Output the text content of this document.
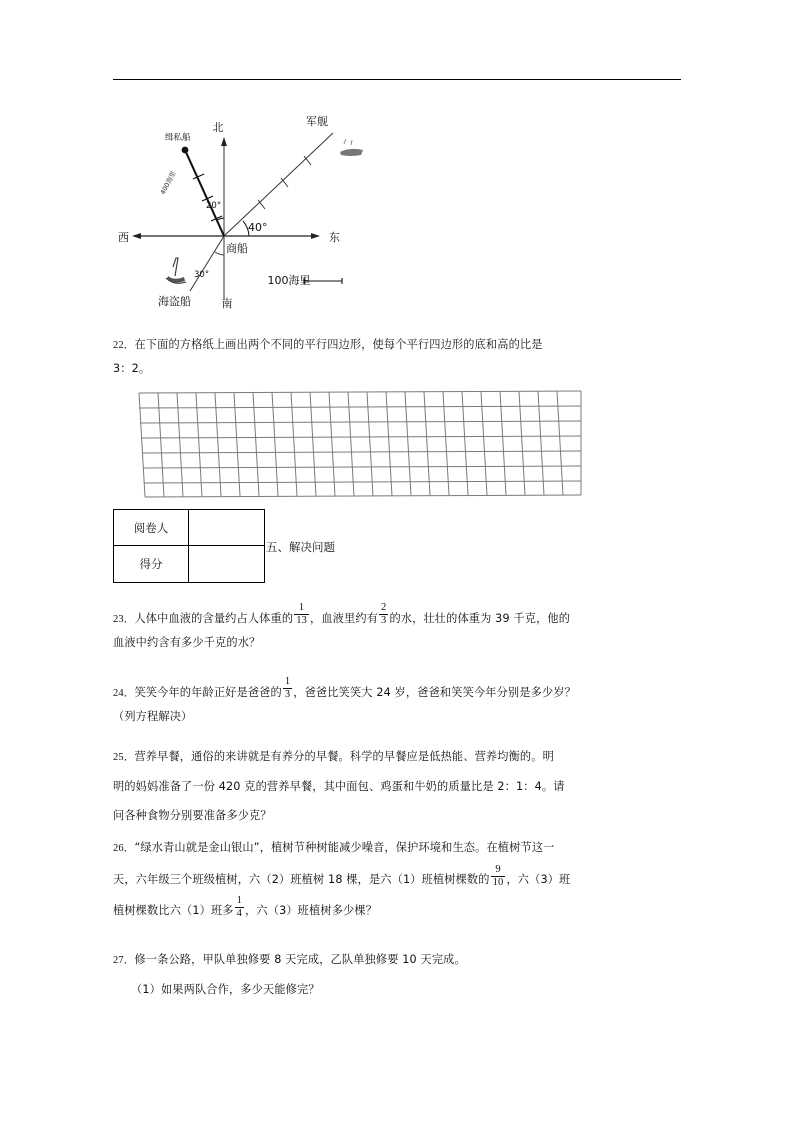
北
南
东
西
商船
军舰
缉私船
海盗船
400海里
100海里
20°
40°
30°
22．在下面的方格纸上画出两个不同的平行四边形，使每个平行四边形的底和高的比是
3：2。
阅卷人
得分
五、解决问题
23．人体中血液的含量约占人体重的 $\frac{1}{13}$ ，血液里约有 $\frac{2}{3}$ 的水，壮壮的体重为 39 千克，他的
血液中约含有多少千克的水？
24．笑笑今年的年龄正好是爸爸的 $\frac{1}{3}$ ，爸爸比笑笑大 24 岁，爸爸和笑笑今年分别是多少岁？
（列方程解决）
25．营养早餐，通俗的来讲就是有养分的早餐。科学的早餐应是低热能、营养均衡的。明
明的妈妈准备了一份 420 克的营养早餐，其中面包、鸡蛋和牛奶的质量比是 2：1：4。请
问各种食物分别要准备多少克？
26．“绿水青山就是金山银山”，植树节种树能减少噪音，保护环境和生态。在植树节这一
天，六年级三个班级植树，六（2）班植树 18 棵，是六（1）班植树棵数的 $\frac{9}{10}$ ，六（3）班
植树棵数比六（1）班多 $\frac{1}{4}$ ，六（3）班植树多少棵？
27．修一条公路，甲队单独修要 8 天完成，乙队单独修要 10 天完成。
（1）如果两队合作，多少天能修完？
